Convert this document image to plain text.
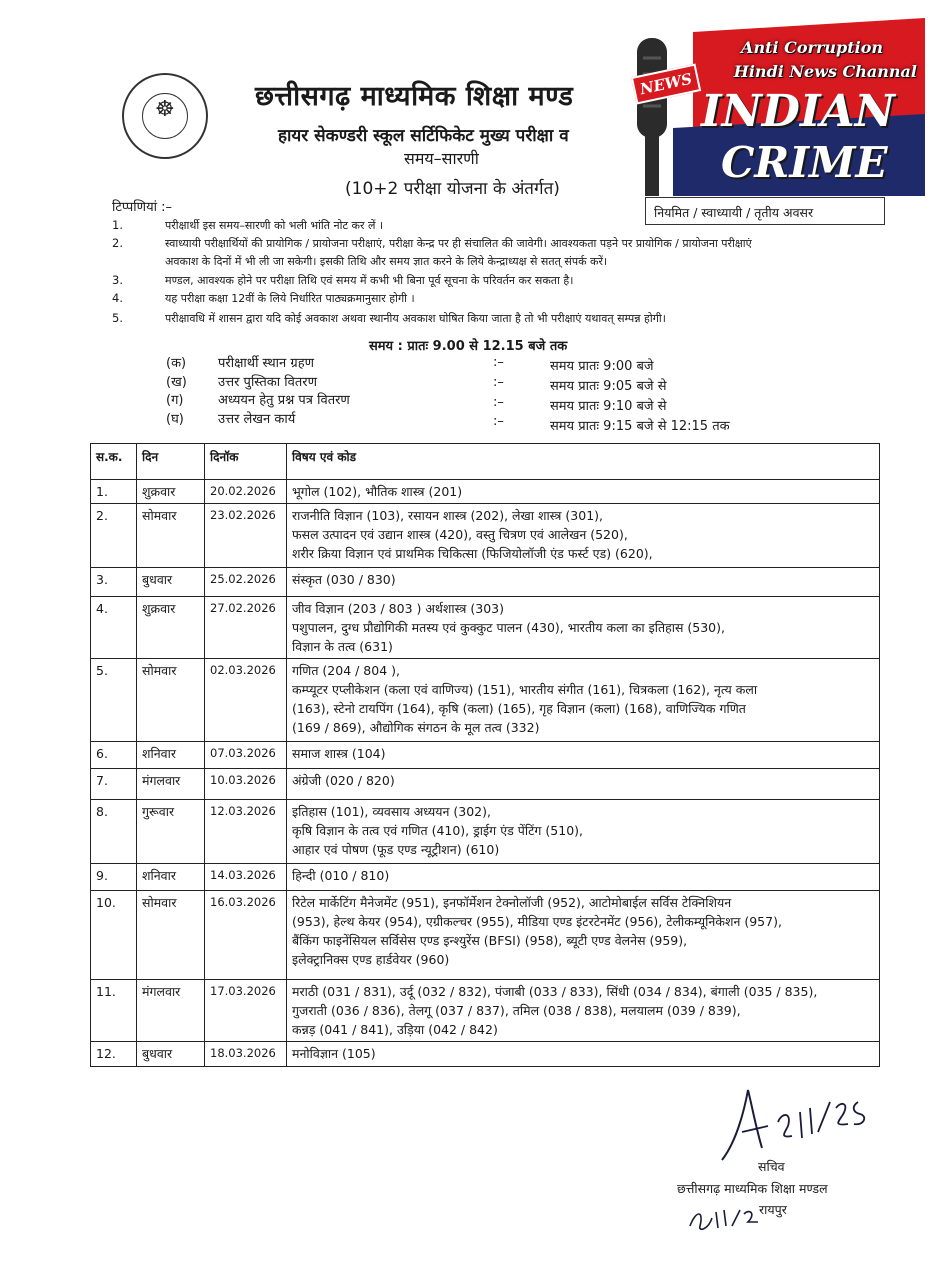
☸	छत्तीसगढ़ माध्यमिक शिक्षा मण्ड
हायर सेकण्डरी स्कूल सर्टिफिकेट मुख्य परीक्षा व
समय–सारणी
(10+2 परीक्षा योजना के अंतर्गत)
NEWS
Anti Corruption
Hindi News Channal
INDIAN
CRIME
नियमित / स्वाध्यायी / तृतीय अवसर
टिप्पणियां :–
1.	परीक्षार्थी इस समय–सारणी को भली भांति नोट कर लें ।
2.	स्वाध्यायी परीक्षार्थियों की प्रायोगिक / प्रायोजना परीक्षाएं, परीक्षा केन्द्र पर ही संचालित की जावेगी। आवश्यकता पड़ने पर प्रायोगिक / प्रायोजना परीक्षाएं
अवकाश के दिनों में भी ली जा सकेगी। इसकी तिथि और समय ज्ञात करने के लिये केन्द्राध्यक्ष से सतत् संपर्क करें।
3.	मण्डल, आवश्यक होने पर परीक्षा तिथि एवं समय में कभी भी बिना पूर्व सूचना के परिवर्तन कर सकता है।
4.	यह परीक्षा कक्षा 12वीं के लिये निर्धारित पाठ्यक्रमानुसार होगी ।
5.	परीक्षावधि में शासन द्वारा यदि कोई अवकाश अथवा स्थानीय अवकाश घोषित किया जाता है तो भी परीक्षाएं यथावत् सम्पन्न होगी।
समय : प्रातः 9.00 से 12.15 बजे तक
(क) परीक्षार्थी स्थान ग्रहण	:–	समय प्रातः 9:00 बजे
(ख) उत्तर पुस्तिका वितरण	:–	समय प्रातः 9:05 बजे से
(ग)	अध्ययन हेतु प्रश्न पत्र वितरण	:–	समय प्रातः 9:10 बजे से
(घ)	उत्तर लेखन कार्य	:–	समय प्रातः 9:15 बजे से 12:15 तक
स.क.	दिन	दिनॉक	विषय एवं कोड
1.	शुक्रवार	20.02.2026	भूगोल (102), भौतिक शास्त्र (201)

2.	सोमवार	23.02.2026	राजनीति विज्ञान (103), रसायन शास्त्र (202), लेखा शास्त्र (301),
फसल उत्पादन एवं उद्यान शास्त्र (420), वस्तु चित्रण एवं आलेखन (520),
शरीर क्रिया विज्ञान एवं प्राथमिक चिकित्सा (फिजियोलॉजी एंड फर्स्ट एड) (620),

3.	बुधवार	25.02.2026	संस्कृत (030 / 830)

4.	शुक्रवार	27.02.2026	जीव विज्ञान (203 / 803 ) अर्थशास्त्र (303)
पशुपालन, दुग्ध प्रौद्योगिकी मतस्य एवं कुक्कुट पालन (430), भारतीय कला का इतिहास (530),
विज्ञान के तत्व (631)

5.	सोमवार	02.03.2026	गणित (204 / 804 ),
कम्प्यूटर एप्लीकेशन (कला एवं वाणिज्य) (151), भारतीय संगीत (161), चित्रकला (162), नृत्य कला
(163), स्टेनो टायपिंग (164), कृषि (कला) (165), गृह विज्ञान (कला) (168), वाणिज्यिक गणित
(169 / 869), औद्योगिक संगठन के मूल तत्व (332)

6.	शनिवार	07.03.2026	समाज शास्त्र (104)

7.	मंगलवार	10.03.2026	अंग्रेजी (020 / 820)

8.	गुरूवार	12.03.2026	इतिहास (101), व्यवसाय अध्ययन (302),
कृषि विज्ञान के तत्व एवं गणित (410), ड्राईग एंड पेंटिंग (510),
आहार एवं पोषण (फूड एण्ड न्यूट्रीशन) (610)

9.	शनिवार	14.03.2026	हिन्दी (010 / 810)

10.	सोमवार	16.03.2026	रिटेल मार्केटिंग मैनेजमेंट (951), इनफॉर्मेशन टेक्नोलॉजी (952), आटोमोबाईल सर्विस टेक्निशियन
(953), हेल्थ केयर (954), एग्रीकल्चर (955), मीडिया एण्ड इंटरटेनमेंट (956), टेलीकम्यूनिकेशन (957),
बैंकिंग फाइनेंसियल सर्विसेस एण्ड इन्श्युरेंस (BFSI) (958), ब्यूटी एण्ड वेलनेस (959),
इलेक्ट्रानिक्स एण्ड हार्डवेयर (960)

11.	मंगलवार	17.03.2026	मराठी (031 / 831), उर्दू (032 / 832), पंजाबी (033 / 833), सिंधी (034 / 834), बंगाली (035 / 835),
गुजराती (036 / 836), तेलगू (037 / 837), तमिल (038 / 838), मलयालम (039 / 839),
कन्नड़ (041 / 841), उड़िया (042 / 842)

12.	बुधवार	18.03.2026	मनोविज्ञान (105)
सचिव
छत्तीसगढ़ माध्यमिक शिक्षा मण्डल
रायपुर
